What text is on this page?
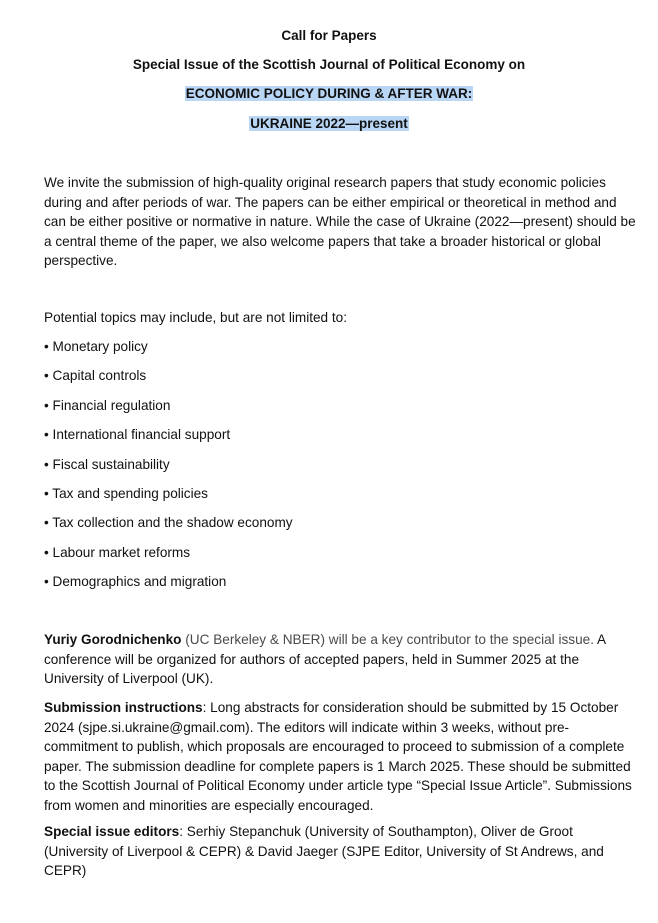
Call for Papers
Special Issue of the Scottish Journal of Political Economy on
ECONOMIC POLICY DURING & AFTER WAR:
UKRAINE 2022—present

We invite the submission of high-quality original research papers that study economic policies during and after periods of war. The papers can be either empirical or theoretical in method and can be either positive or normative in nature. While the case of Ukraine (2022—present) should be a central theme of the paper, we also welcome papers that take a broader historical or global perspective.

Potential topics may include, but are not limited to:

• Monetary policy
• Capital controls
• Financial regulation
• International financial support
• Fiscal sustainability
• Tax and spending policies
• Tax collection and the shadow economy
• Labour market reforms
• Demographics and migration

Yuriy Gorodnichenko (UC Berkeley & NBER) will be a key contributor to the special issue. A conference will be organized for authors of accepted papers, held in Summer 2025 at the University of Liverpool (UK).

Submission instructions: Long abstracts for consideration should be submitted by 15 October 2024 (sjpe.si.ukraine@gmail.com). The editors will indicate within 3 weeks, without pre-commitment to publish, which proposals are encouraged to proceed to submission of a complete paper. The submission deadline for complete papers is 1 March 2025. These should be submitted to the Scottish Journal of Political Economy under article type “Special Issue Article”. Submissions from women and minorities are especially encouraged.

Special issue editors: Serhiy Stepanchuk (University of Southampton), Oliver de Groot (University of Liverpool & CEPR) & David Jaeger (SJPE Editor, University of St Andrews, and CEPR)
